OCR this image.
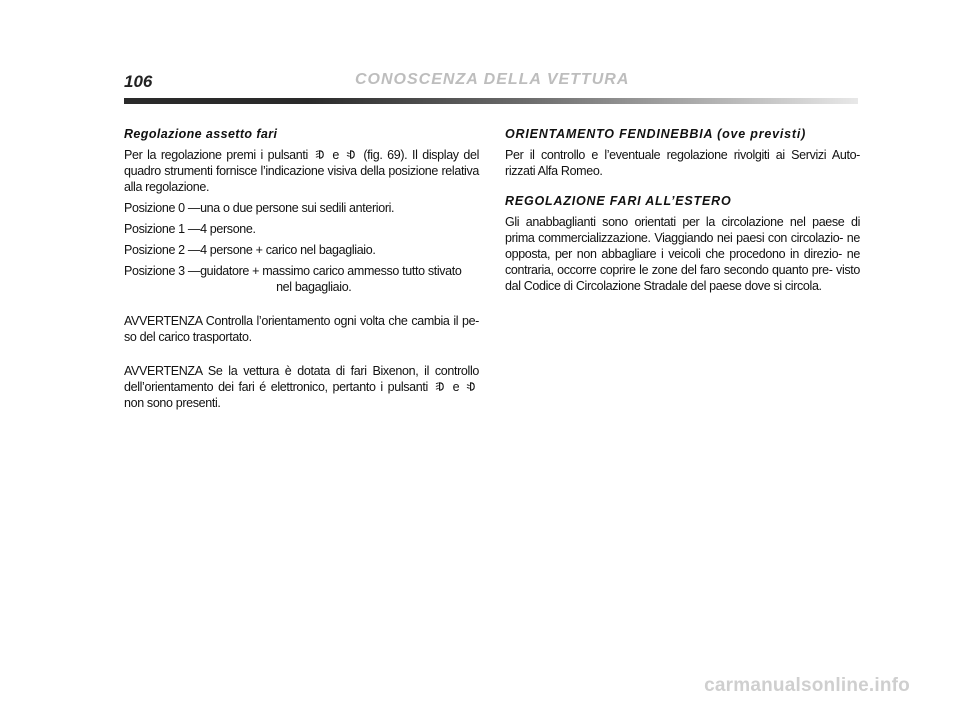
106	CONOSCENZA DELLA VETTURA
Regolazione assetto fari

Per la regolazione premi i pulsanti e (fig. 69). Il display del quadro strumenti fornisce l’indicazione visiva della posizione relativa alla regolazione.

Posizione 0 — una o due persone sui sedili anteriori.
Posizione 1 — 4 persone.
Posizione 2 — 4 persone + carico nel bagagliaio.
Posizione 3 — guidatore + massimo carico ammesso tutto stivato
nel bagagliaio.

AVVERTENZA Controlla l’orientamento ogni volta che cambia il pe- so del carico trasportato.

AVVERTENZA Se la vettura è dotata di fari Bixenon, il controllo dell’orientamento dei fari é elettronico, pertanto i pulsanti e
non sono presenti.

ORIENTAMENTO FENDINEBBIA (ove previsti)

Per il controllo e l’eventuale regolazione rivolgiti ai Servizi Auto- rizzati Alfa Romeo.

REGOLAZIONE FARI ALL’ESTERO

Gli anabbaglianti sono orientati per la circolazione nel paese di prima commercializzazione. Viaggiando nei paesi con circolazio- ne opposta, per non abbagliare i veicoli che procedono in direzio- ne contraria, occorre coprire le zone del faro secondo quanto pre- visto dal Codice di Circolazione Stradale del paese dove si circola.

carmanualsonline.info
